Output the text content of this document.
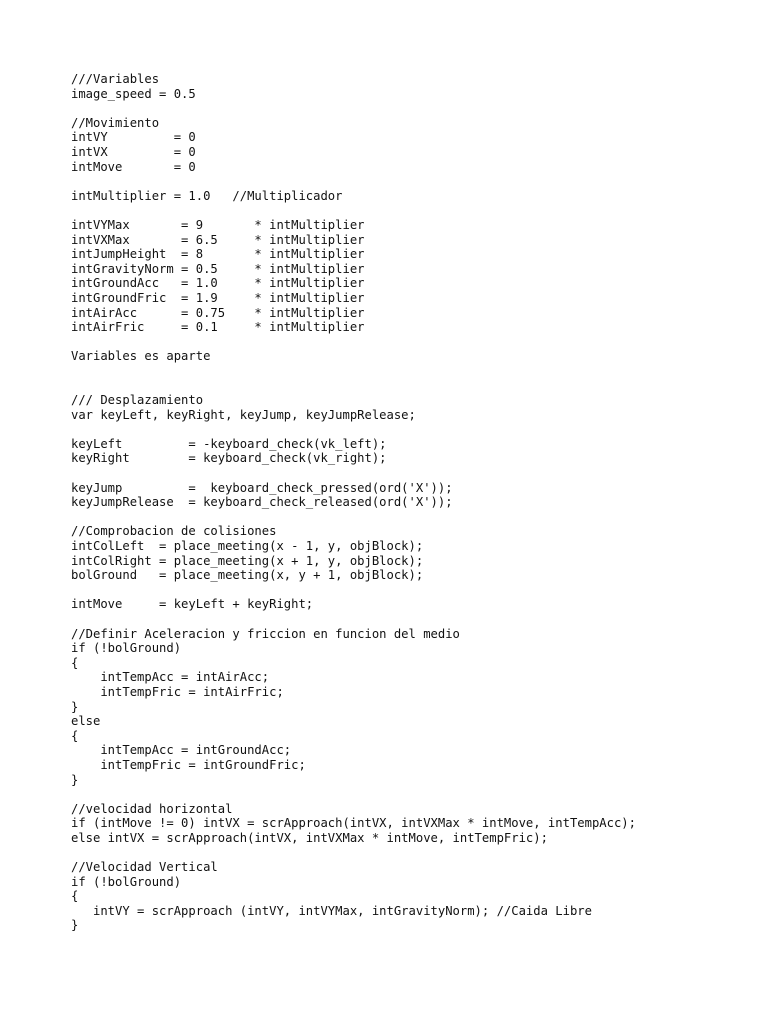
///Variables
image_speed = 0.5
//Movimiento
intVY         = 0
intVX         = 0
intMove       = 0
intMultiplier = 1.0   //Multiplicador
intVYMax       = 9       * intMultiplier
intVXMax       = 6.5     * intMultiplier
intJumpHeight  = 8       * intMultiplier
intGravityNorm = 0.5     * intMultiplier
intGroundAcc   = 1.0     * intMultiplier
intGroundFric  = 1.9     * intMultiplier
intAirAcc      = 0.75    * intMultiplier
intAirFric     = 0.1     * intMultiplier
Variables es aparte
/// Desplazamiento
var keyLeft, keyRight, keyJump, keyJumpRelease;
keyLeft         = -keyboard_check(vk_left);
keyRight        = keyboard_check(vk_right);
keyJump         =  keyboard_check_pressed(ord('X'));
keyJumpRelease  = keyboard_check_released(ord('X'));
//Comprobacion de colisiones
intColLeft  = place_meeting(x - 1, y, objBlock);
intColRight = place_meeting(x + 1, y, objBlock);
bolGround   = place_meeting(x, y + 1, objBlock);
intMove     = keyLeft + keyRight;
//Definir Aceleracion y friccion en funcion del medio
if (!bolGround)
{
intTempAcc = intAirAcc;
intTempFric = intAirFric;
}
else
{
intTempAcc = intGroundAcc;
intTempFric = intGroundFric;
}
//velocidad horizontal
if (intMove != 0) intVX = scrApproach(intVX, intVXMax * intMove, intTempAcc);
else intVX = scrApproach(intVX, intVXMax * intMove, intTempFric);
//Velocidad Vertical
if (!bolGround)
{
intVY = scrApproach (intVY, intVYMax, intGravityNorm); //Caida Libre
}
